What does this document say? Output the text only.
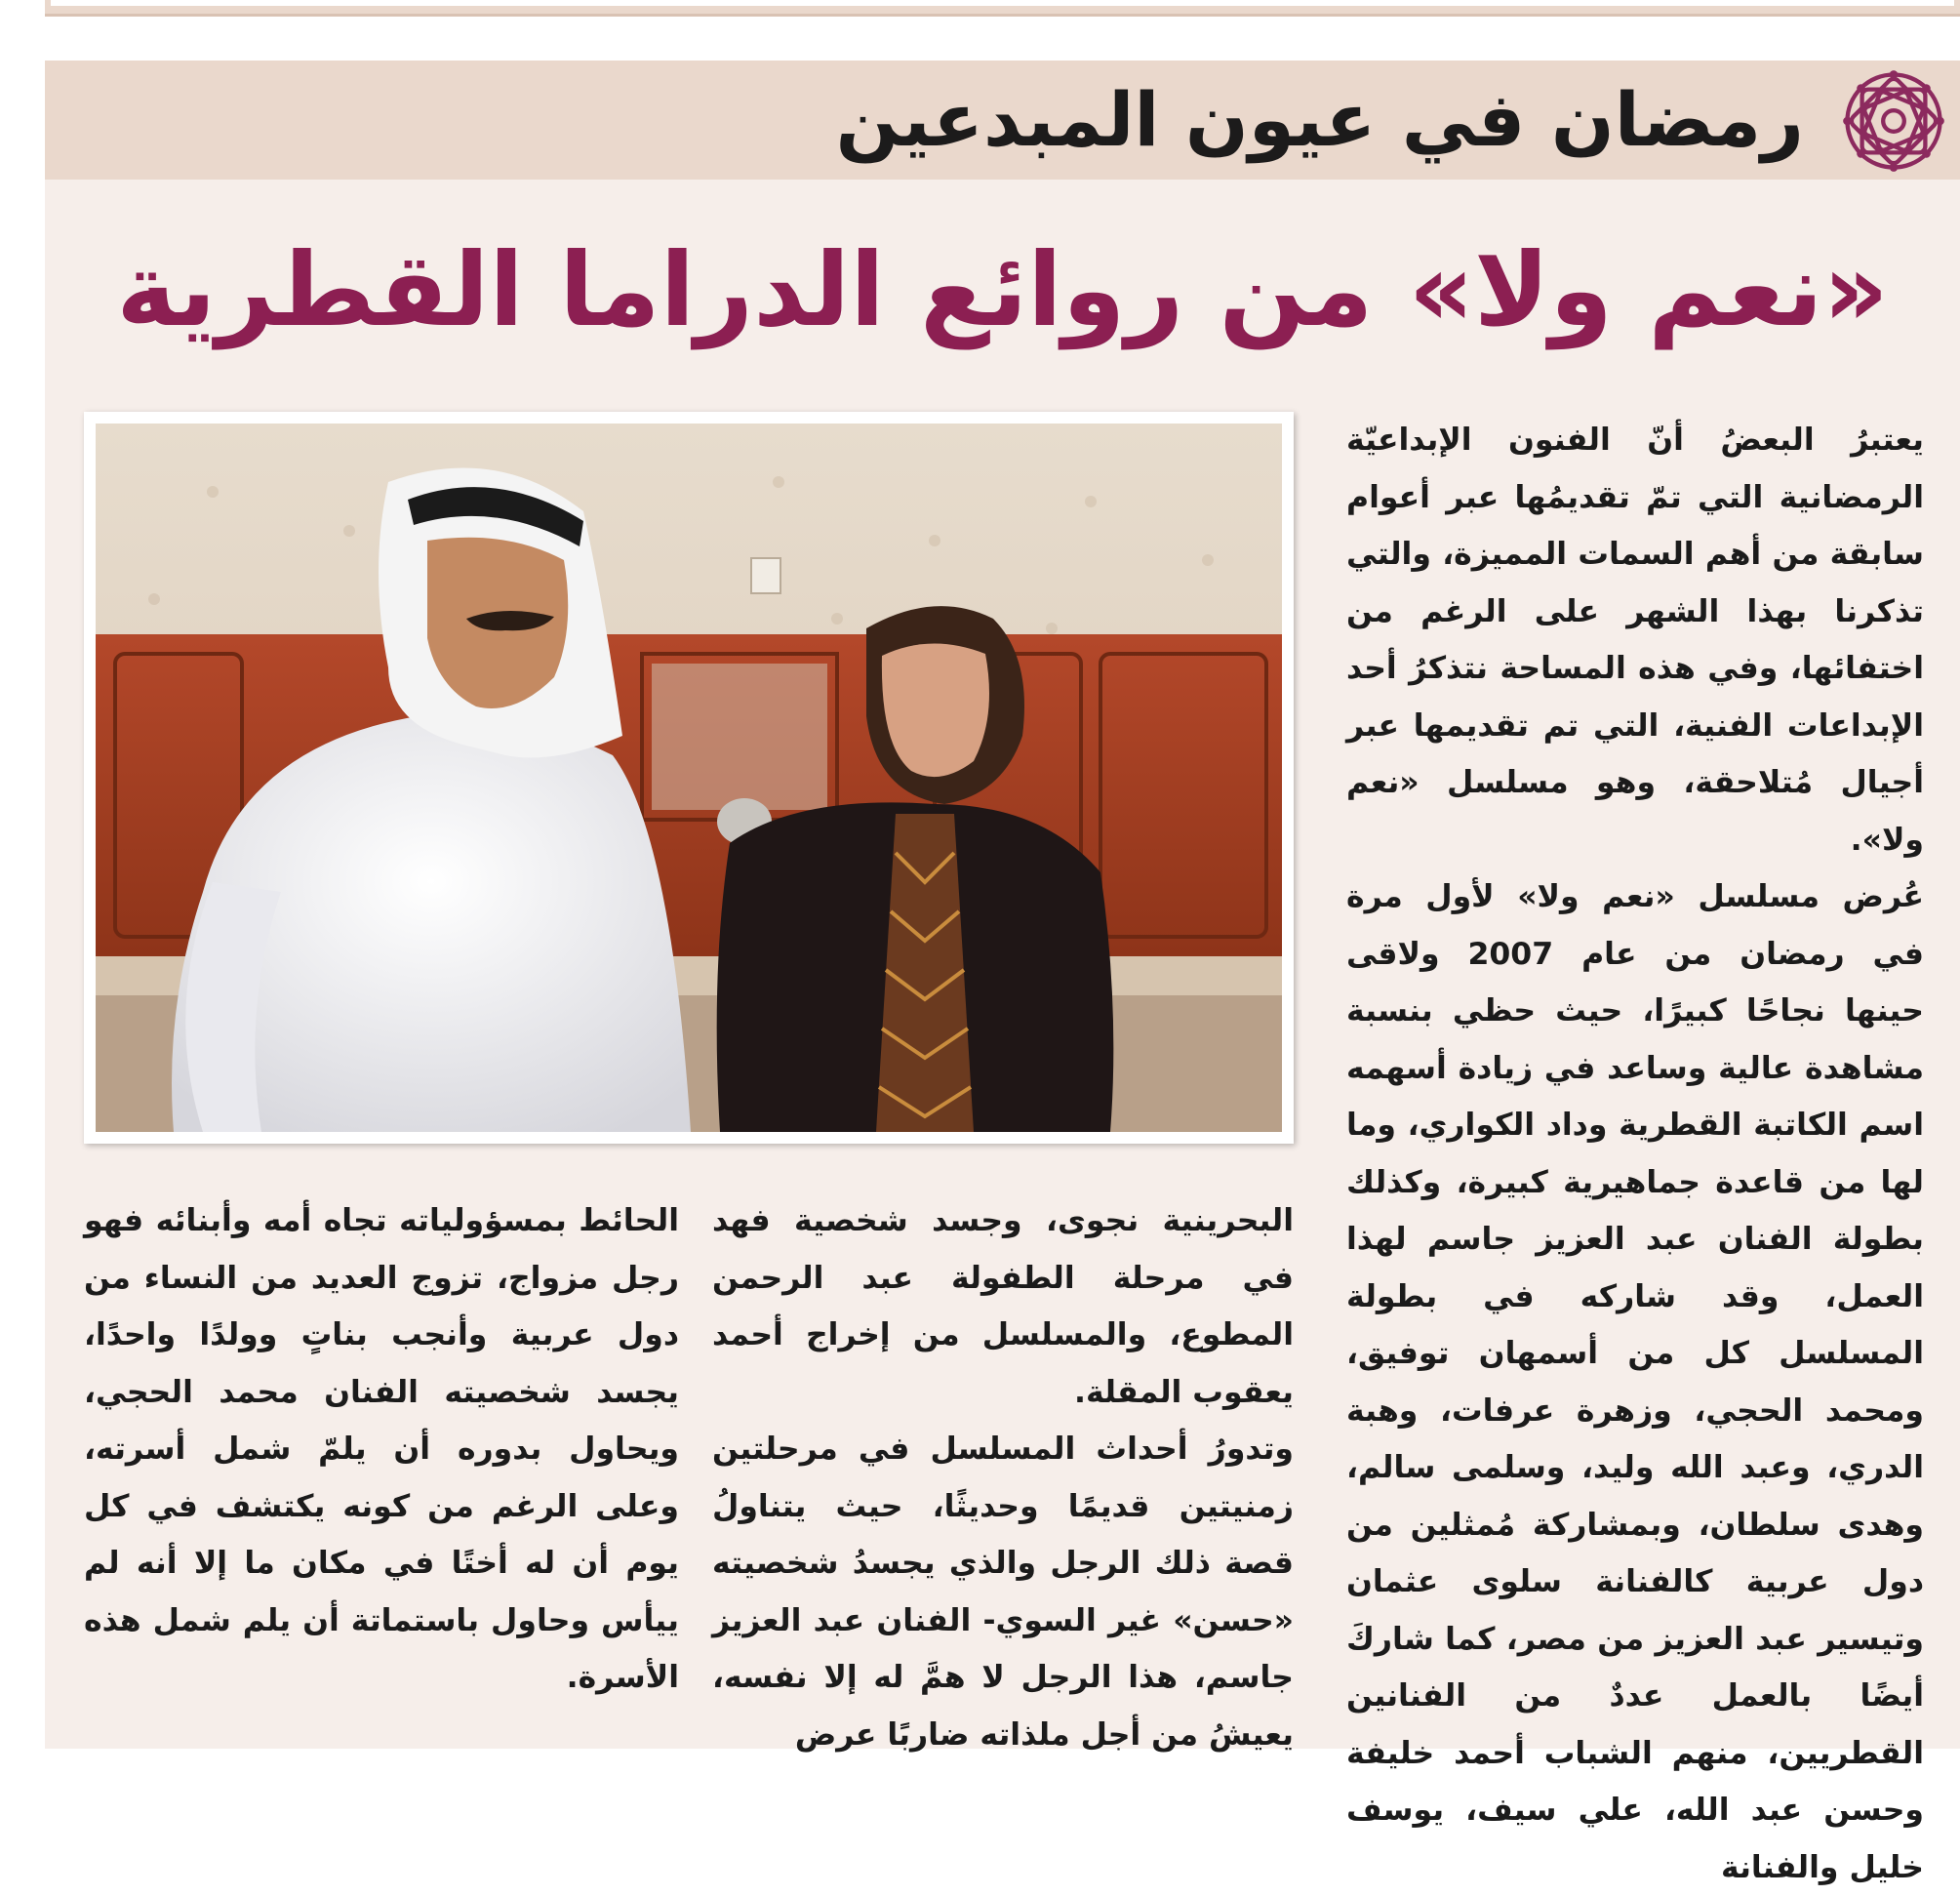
رمضان في عيون المبدعين
«نعم ولا» من روائع الدراما القطرية

يعتبرُ البعضُ أنّ الفنون الإبداعيّة الرمضانية التي تمّ تقديمُها عبر أعوام سابقة من أهم السمات المميزة، والتي تذكرنا بهذا الشهر على الرغم من اختفائها، وفي هذه المساحة نتذكرُ أحد الإبداعات الفنية، التي تم تقديمها عبر أجيال مُتلاحقة، وهو مسلسل «نعم ولا».

عُرض مسلسل «نعم ولا» لأول مرة في رمضان من عام 2007 ولاقى حينها نجاحًا كبيرًا، حيث حظي بنسبة مشاهدة عالية وساعد في زيادة أسهمه اسم الكاتبة القطرية وداد الكواري، وما لها من قاعدة جماهيرية كبيرة، وكذلك بطولة الفنان عبد العزيز جاسم لهذا العمل، وقد شاركه في بطولة المسلسل كل من أسمهان توفيق، ومحمد الحجي، وزهرة عرفات، وهبة الدري، وعبد الله وليد، وسلمى سالم، وهدى سلطان، وبمشاركة مُمثلين من دول عربية كالفنانة سلوى عثمان وتيسير عبد العزيز من مصر، كما شاركَ أيضًا بالعمل عددٌ من الفنانين القطريين، منهم الشباب أحمد خليفة وحسن عبد الله، علي سيف، يوسف خليل والفنانة

البحرينية نجوى، وجسد شخصية فهد في مرحلة الطفولة عبد الرحمن المطوع، والمسلسل من إخراج أحمد يعقوب المقلة.

وتدورُ أحداث المسلسل في مرحلتين زمنيتين قديمًا وحديثًا، حيث يتناولُ قصة ذلك الرجل والذي يجسدُ شخصيته «حسن» غير السوي- الفنان عبد العزيز جاسم، هذا الرجل لا همَّ له إلا نفسه، يعيشُ من أجل ملذاته ضاربًا عرض

الحائط بمسؤولياته تجاه أمه وأبنائه فهو رجل مزواج، تزوج العديد من النساء من دول عربية وأنجب بناتٍ وولدًا واحدًا، يجسد شخصيته الفنان محمد الحجي، ويحاول بدوره أن يلمّ شمل أسرته، وعلى الرغم من كونه يكتشف في كل يوم أن له أختًا في مكان ما إلا أنه لم ييأس وحاول باستماتة أن يلم شمل هذه الأسرة.
